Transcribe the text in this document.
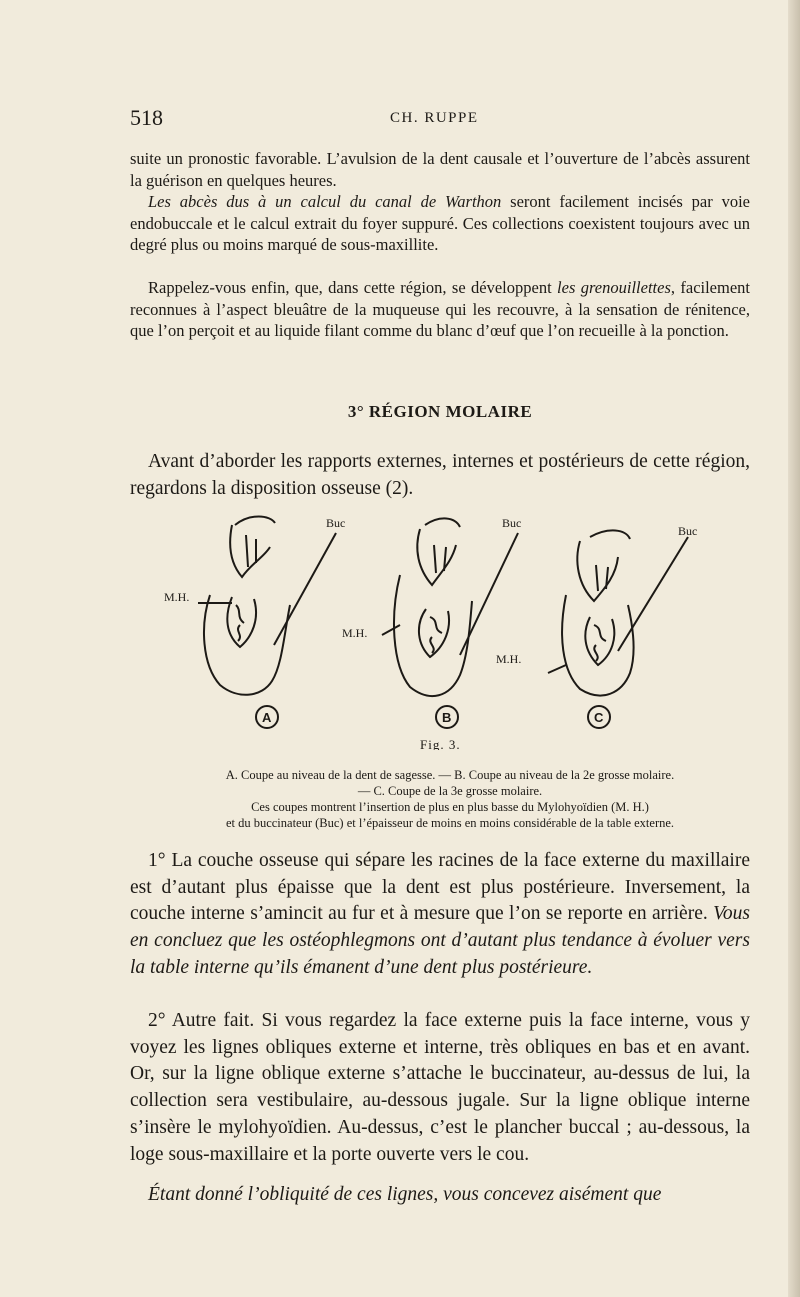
518	CH. RUPPE

suite un pronostic favorable. L’avulsion de la dent causale et l’ouverture de l’abcès assurent la guérison en quelques heures.

Les abcès dus à un calcul du canal de Warthon seront facilement incisés par voie endobuccale et le calcul extrait du foyer suppuré. Ces collections coexistent toujours avec un degré plus ou moins marqué de sous-maxillite.

Rappelez-vous enfin, que, dans cette région, se développent les grenouillettes, facilement reconnues à l’aspect bleuâtre de la muqueuse qui les recouvre, à la sensation de rénitence, que l’on perçoit et au liquide filant comme du blanc d’œuf que l’on recueille à la ponction.

3° RÉGION MOLAIRE

Avant d’aborder les rapports externes, internes et postérieurs de cette région, regardons la disposition osseuse (2).

Buc	Buc
Buc
M.H.
M.H.
M.H.
A	B	C
Fig. 3.

A. Coupe au niveau de la dent de sagesse. — B. Coupe au niveau de la 2e grosse molaire.
— C. Coupe de la 3e grosse molaire.
Ces coupes montrent l’insertion de plus en plus basse du Mylohyoïdien (M. H.)
et du buccinateur (Buc) et l’épaisseur de moins en moins considérable de la table externe.

1° La couche osseuse qui sépare les racines de la face externe du maxillaire est d’autant plus épaisse que la dent est plus postérieure. Inversement, la couche interne s’amincit au fur et à mesure que l’on se reporte en arrière. Vous en concluez que les ostéophlegmons ont d’autant plus tendance à évoluer vers la table interne qu’ils émanent d’une dent plus postérieure.

2° Autre fait. Si vous regardez la face externe puis la face interne, vous y voyez les lignes obliques externe et interne, très obliques en bas et en avant. Or, sur la ligne oblique externe s’attache le buccinateur, au-dessus de lui, la collection sera vestibulaire, au-dessous jugale. Sur la ligne oblique interne s’insère le mylohyoïdien. Au-dessus, c’est le plancher buccal ; au-dessous, la loge sous-maxillaire et la porte ouverte vers le cou.

Étant donné l’obliquité de ces lignes, vous concevez aisément que
